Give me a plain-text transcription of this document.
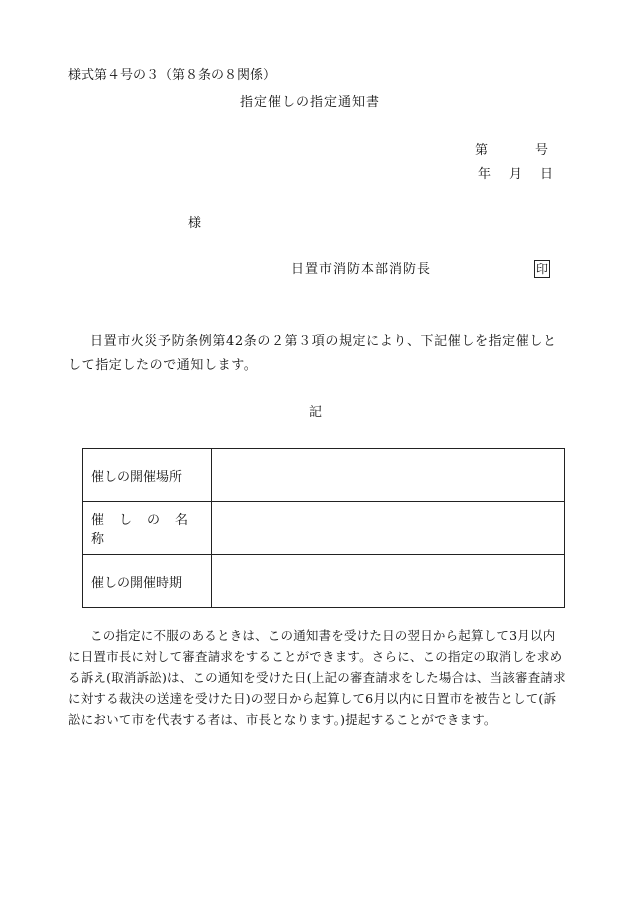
様式第４号の３（第８条の８関係）
指定催しの指定通知書
第	号
年 月 日
様
日置市消防本部消防長	印
日置市火災予防条例第42条の２第３項の規定により、下記催しを指定催しとして指定したので通知します。
記
催しの開催場所	
催しの名称	
催しの開催時期	
この指定に不服のあるときは、この通知書を受けた日の翌日から起算して3月以内に日置市長に対して審査請求をすることができます。さらに、この指定の取消しを求める訴え(取消訴訟)は、この通知を受けた日(上記の審査請求をした場合は、当該審査請求に対する裁決の送達を受けた日)の翌日から起算して6月以内に日置市を被告として(訴訟において市を代表する者は、市長となります。)提起することができます。
